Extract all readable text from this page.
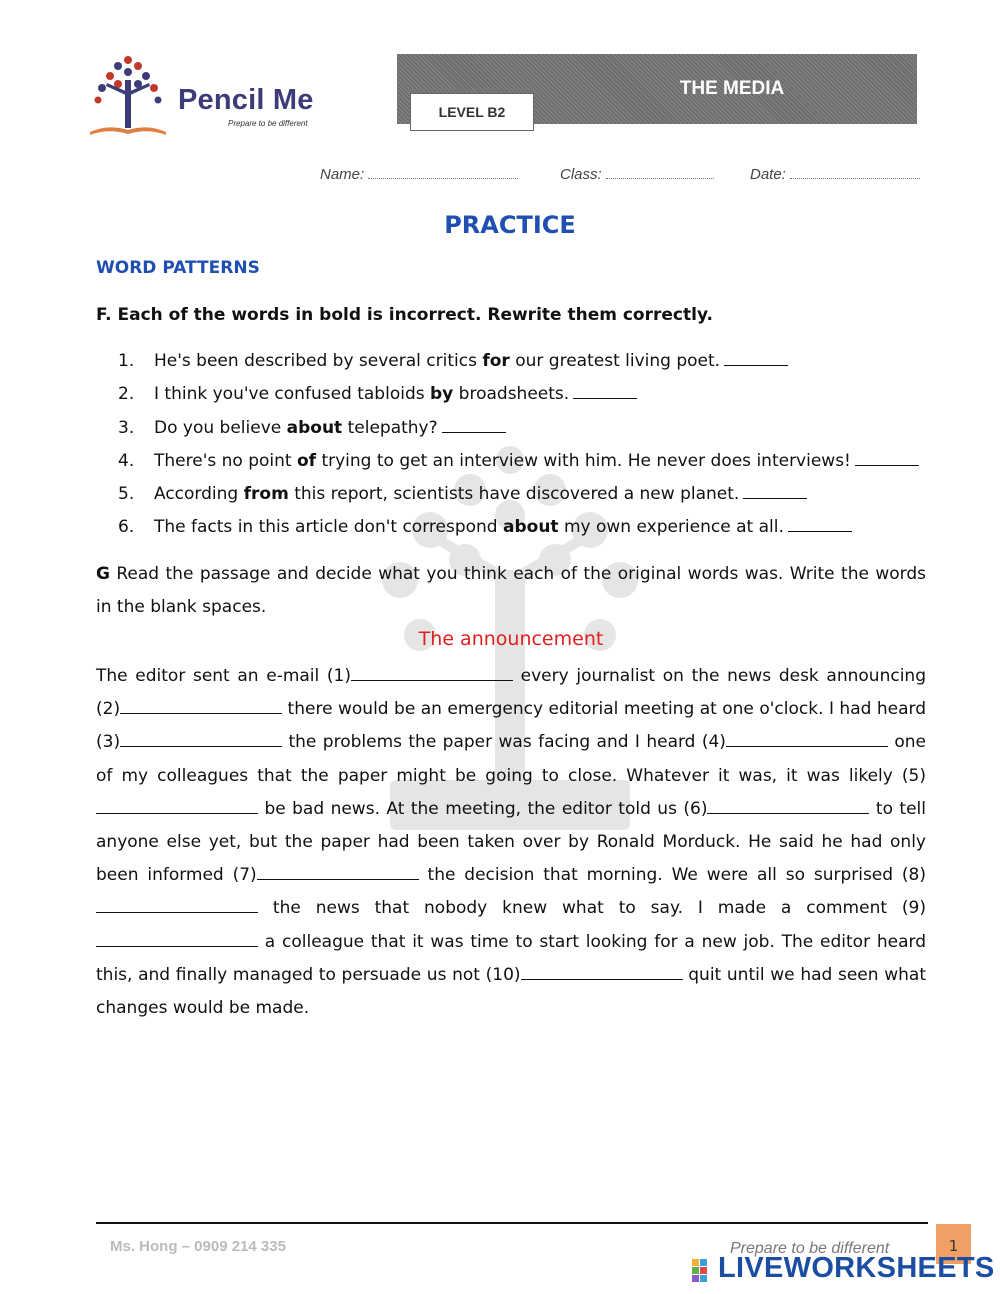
Pencil Me
Prepare to be different
THE MEDIA
LEVEL B2
Name:	Class:	Date:
PRACTICE
WORD PATTERNS
F. Each of the words in bold is incorrect. Rewrite them correctly.
1. He's been described by several critics for our greatest living poet.
2. I think you've confused tabloids by broadsheets.
3. Do you believe about telepathy?
4. There's no point of trying to get an interview with him. He never does interviews!
5. According from this report, scientists have discovered a new planet.
6. The facts in this article don't correspond about my own experience at all.
G Read the passage and decide what you think each of the original words was. Write the words in the blank spaces.
The announcement
The editor sent an e-mail (1)	every journalist on the news desk announcing (2)	there would be an emergency editorial meeting at one o'clock. I had heard (3)	the problems the paper was facing and I heard (4)	one of my colleagues that the paper might be going to close. Whatever it was, it was likely (5) be bad news. At the meeting, the editor told us (6)	to tell anyone else yet, but the paper had been taken over by Ronald Morduck. He said he had only been informed (7)	the decision that morning. We were all so surprised (8) the news that nobody knew what to say. I made a comment (9) a colleague that it was time to start looking for a new job. The editor heard this, and finally managed to persuade us not (10)	quit until we had seen what changes would be made.
Ms. Hong – 0909 214 335	Prepare to be different	1
LIVEWORKSHEETS
